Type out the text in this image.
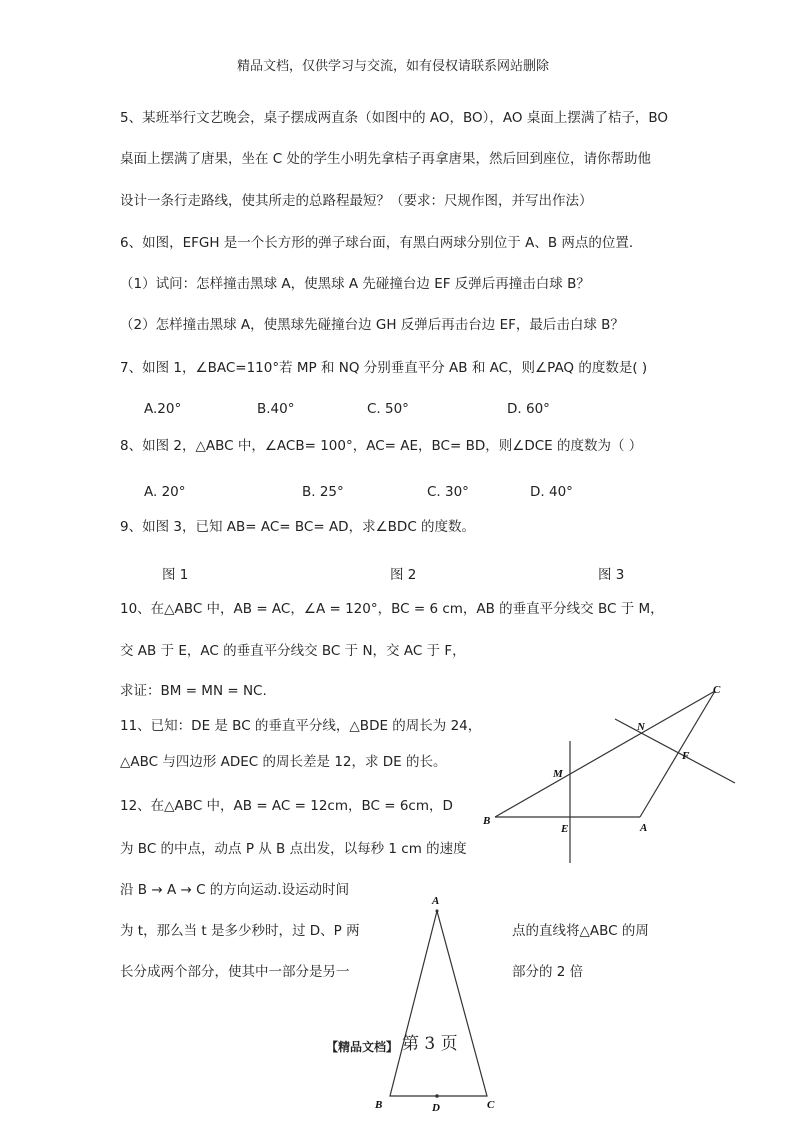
精品文档，仅供学习与交流，如有侵权请联系网站删除
5、某班举行文艺晚会，桌子摆成两直条（如图中的 AO，BO），AO 桌面上摆满了桔子，BO
桌面上摆满了唐果，坐在 C 处的学生小明先拿桔子再拿唐果，然后回到座位，请你帮助他
设计一条行走路线，使其所走的总路程最短？（要求：尺规作图，并写出作法）
6、如图，EFGH 是一个长方形的弹子球台面，有黑白两球分别位于 A、B 两点的位置．
（1）试问：怎样撞击黑球 A，使黑球 A 先碰撞台边 EF 反弹后再撞击白球 B？
（2）怎样撞击黑球 A，使黑球先碰撞台边 GH 反弹后再击台边 EF，最后击白球 B？
7、如图 1，∠BAC=110°若 MP 和 NQ 分别垂直平分 AB 和 AC，则∠PAQ 的度数是( )
A.20°	B.40°	C. 50°	D. 60°
8、如图 2，△ABC 中，∠ACB= 100°，AC= AE，BC= BD，则∠DCE 的度数为（ ）
A. 20°	B. 25°	C. 30°	D. 40°
9、如图 3，已知 AB= AC= BC= AD，求∠BDC 的度数。
图 1	图 2	图 3
10、在△ABC 中，AB = AC，∠A = 120°，BC = 6 cm，AB 的垂直平分线交 BC 于 M，
交 AB 于 E，AC 的垂直平分线交 BC 于 N，交 AC 于 F，
求证：BM = MN = NC.
11、已知：DE 是 BC 的垂直平分线，△BDE 的周长为 24，
△ABC 与四边形 ADEC 的周长差是 12，求 DE 的长。
12、在△ABC 中，AB = AC = 12cm，BC = 6cm，D
为 BC 的中点，动点 P 从 B 点出发，以每秒 1 cm 的速度
沿 B → A → C 的方向运动.设运动时间
为 t，那么当 t 是多少秒时，过 D、P 两	点的直线将△ABC 的周
长分成两个部分，使其中一部分是另一	部分的 2 倍
C
N
F
M
B
E	A
A
B	D	C
【精品文档】 第 3 页
